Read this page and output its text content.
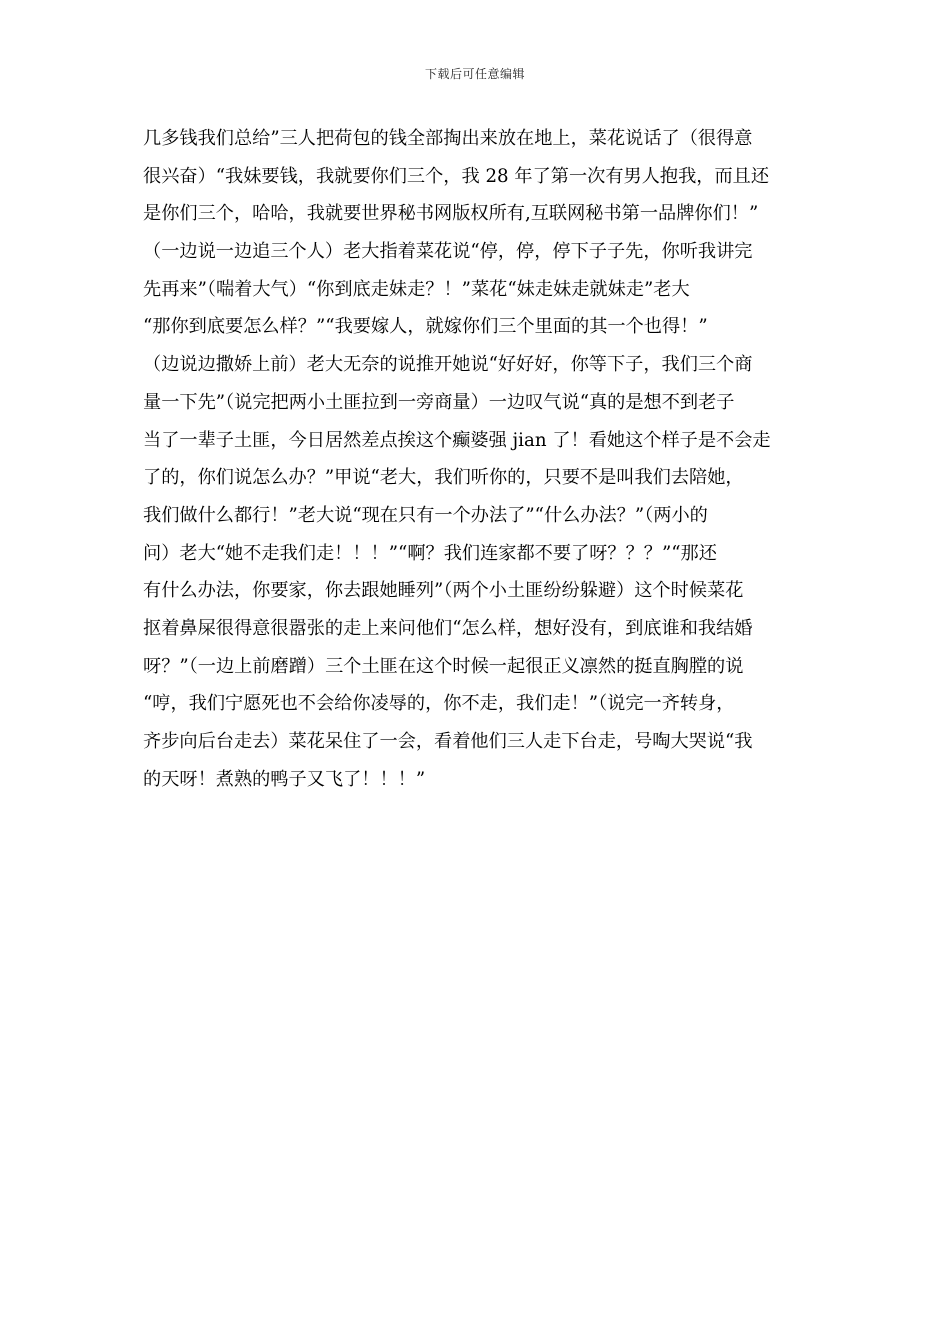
下载后可任意编辑
几多钱我们总给”三人把荷包的钱全部掏出来放在地上，菜花说话了（很得意
很兴奋）“我妹要钱，我就要你们三个，我 28 年了第一次有男人抱我，而且还
是你们三个，哈哈，我就要世界秘书网版权所有,互联网秘书第一品牌你们！”
（一边说一边追三个人）老大指着菜花说“停，停，停下子子先，你听我讲完
先再来”（喘着大气）“你到底走妹走？！”菜花“妹走妹走就妹走”老大
“那你到底要怎么样？”“我要嫁人，就嫁你们三个里面的其一个也得！”
（边说边撒娇上前）老大无奈的说推开她说“好好好，你等下子，我们三个商
量一下先”（说完把两小土匪拉到一旁商量）一边叹气说“真的是想不到老子
当了一辈子土匪，今日居然差点挨这个癫婆强 jian 了！看她这个样子是不会走
了的，你们说怎么办？”甲说“老大，我们听你的，只要不是叫我们去陪她，
我们做什么都行！”老大说“现在只有一个办法了”“什么办法？”（两小的
问）老大“她不走我们走！！！”“啊？我们连家都不要了呀？？？”“那还
有什么办法，你要家，你去跟她睡列”（两个小土匪纷纷躲避）这个时候菜花
抠着鼻屎很得意很嚣张的走上来问他们“怎么样，想好没有，到底谁和我结婚
呀？”（一边上前磨蹭）三个土匪在这个时候一起很正义凛然的挺直胸膛的说
“哼，我们宁愿死也不会给你凌辱的，你不走，我们走！”（说完一齐转身，
齐步向后台走去）菜花呆住了一会，看着他们三人走下台走，号啕大哭说“我
的天呀！煮熟的鸭子又飞了！！！”
